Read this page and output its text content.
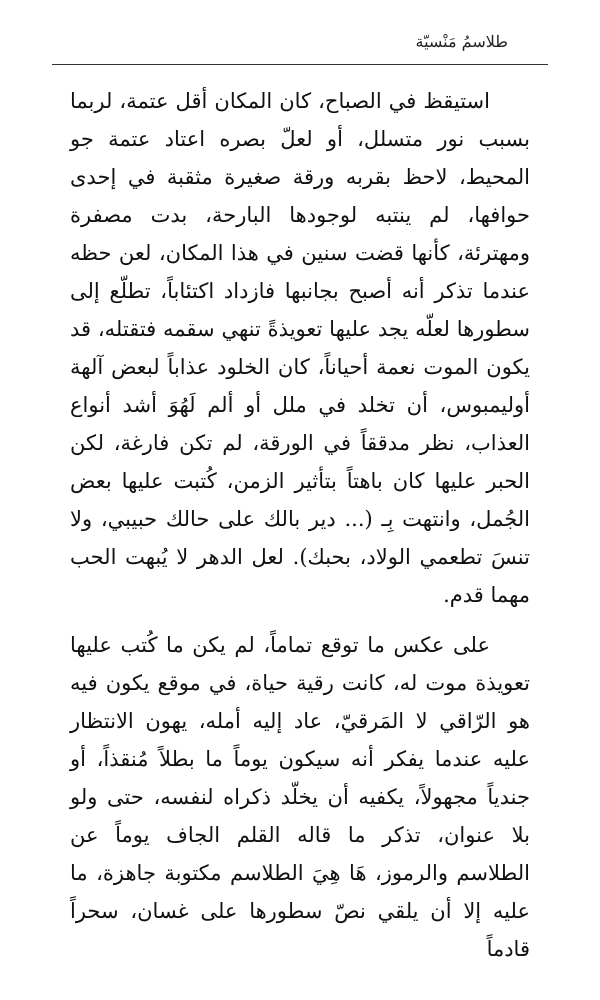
طلاسمُ مَنْسيّة

استيقظ في الصباح، كان المكان أقل عتمة، لربما بسبب نور متسلل، أو لعلّ بصره اعتاد عتمة جو المحيط، لاحظ بقربه ورقة صغيرة مثقبة في إحدى حوافها، لم ينتبه لوجودها البارحة، بدت مصفرة ومهترئة، كأنها قضت سنين في هذا المكان، لعن حظه عندما تذكر أنه أصبح بجانبها فازداد اكتئاباً، تطلّع إلى سطورها لعلّه يجد عليها تعويذةً تنهي سقمه فتقتله، قد يكون الموت نعمة أحياناً، كان الخلود عذاباً لبعض آلهة أوليمبوس، أن تخلد في ملل أو ألم لَهُوَ أشد أنواع العذاب، نظر مدققاً في الورقة، لم تكن فارغة، لكن الحبر عليها كان باهتاً بتأثير الزمن، كُتبت عليها بعض الجُمل، وانتهت بِـ (... دير بالك على حالك حبيبي، ولا تنسَ تطعمي الولاد، بحبك). لعل الدهر لا يُبهت الحب مهما قدم.

على عكس ما توقع تماماً، لم يكن ما كُتب عليها تعويذة موت له، كانت رقية حياة، في موقع يكون فيه هو الرّاقي لا المَرقيّ، عاد إليه أمله، يهون الانتظار عليه عندما يفكر أنه سيكون يوماً ما بطلاً مُنقذاً، أو جندياً مجهولاً، يكفيه أن يخلّد ذكراه لنفسه، حتى ولو بلا عنوان، تذكر ما قاله القلم الجاف يوماً عن الطلاسم والرموز، هَا هِيَ الطلاسم مكتوبة جاهزة، ما عليه إلا أن يلقي نصّ سطورها على غسان، سحراً قادماً
